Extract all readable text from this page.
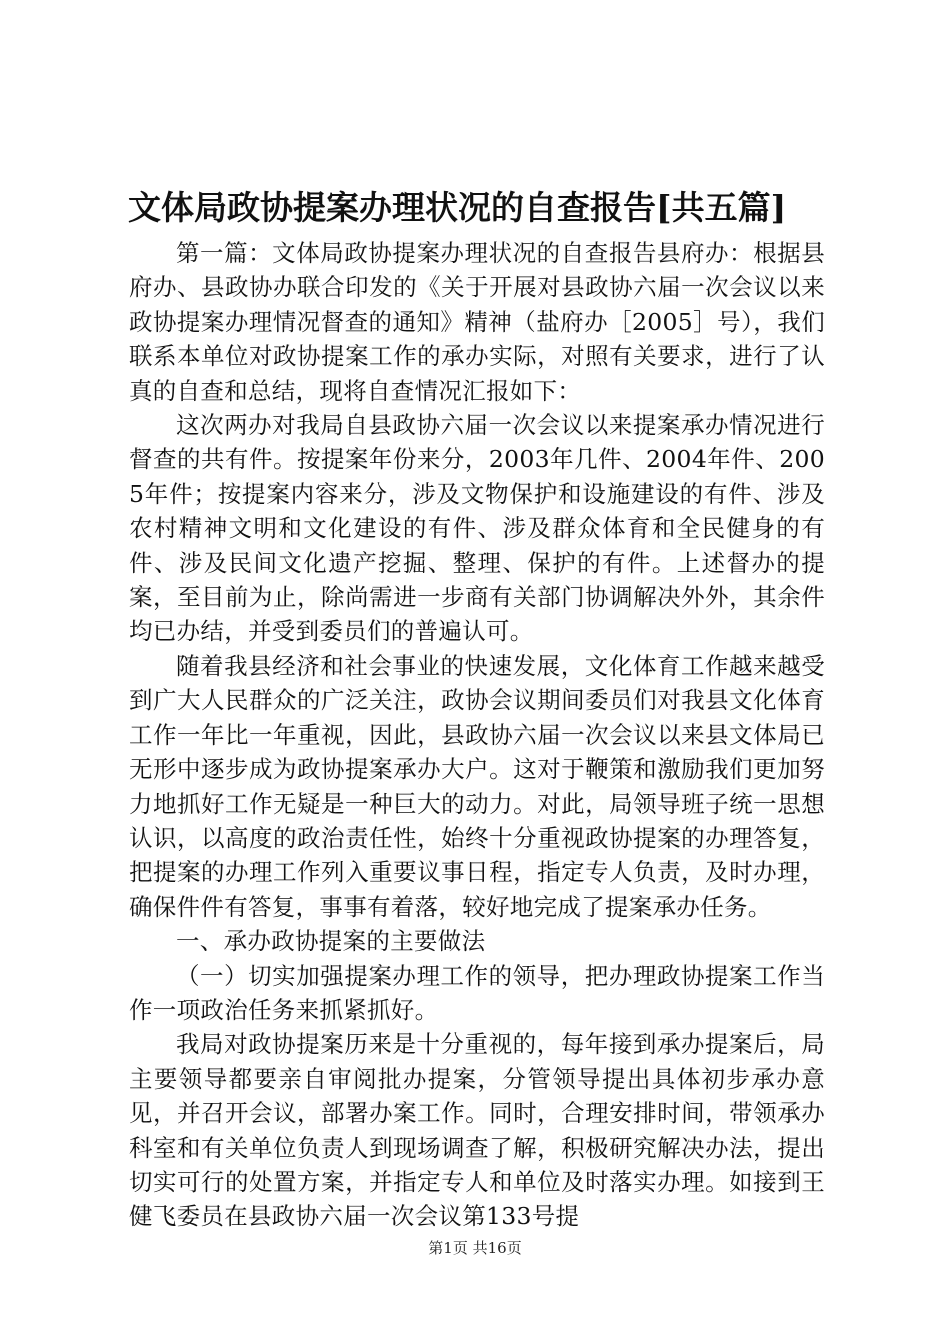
文体局政协提案办理状况的自查报告[共五篇]

第一篇：文体局政协提案办理状况的自查报告县府办：根据县府办、县政协办联合印发的《关于开展对县政协六届一次会议以来政协提案办理情况督查的通知》精神（盐府办［2005］号），我们联系本单位对政协提案工作的承办实际，对照有关要求，进行了认真的自查和总结，现将自查情况汇报如下：

这次两办对我局自县政协六届一次会议以来提案承办情况进行督查的共有件。按提案年份来分，2003年几件、2004年件、2005年件；按提案内容来分，涉及文物保护和设施建设的有件、涉及农村精神文明和文化建设的有件、涉及群众体育和全民健身的有件、涉及民间文化遗产挖掘、整理、保护的有件。上述督办的提案，至目前为止，除尚需进一步商有关部门协调解决外外，其余件均已办结，并受到委员们的普遍认可。

随着我县经济和社会事业的快速发展，文化体育工作越来越受到广大人民群众的广泛关注，政协会议期间委员们对我县文化体育工作一年比一年重视，因此，县政协六届一次会议以来县文体局已无形中逐步成为政协提案承办大户。这对于鞭策和激励我们更加努力地抓好工作无疑是一种巨大的动力。对此，局领导班子统一思想认识，以高度的政治责任性，始终十分重视政协提案的办理答复，把提案的办理工作列入重要议事日程，指定专人负责，及时办理，确保件件有答复，事事有着落，较好地完成了提案承办任务。

一、承办政协提案的主要做法

（一）切实加强提案办理工作的领导，把办理政协提案工作当作一项政治任务来抓紧抓好。

我局对政协提案历来是十分重视的，每年接到承办提案后，局主要领导都要亲自审阅批办提案，分管领导提出具体初步承办意见，并召开会议，部署办案工作。同时，合理安排时间，带领承办科室和有关单位负责人到现场调查了解，积极研究解决办法，提出切实可行的处置方案，并指定专人和单位及时落实办理。如接到王健飞委员在县政协六届一次会议第133号提

第1页 共16页
